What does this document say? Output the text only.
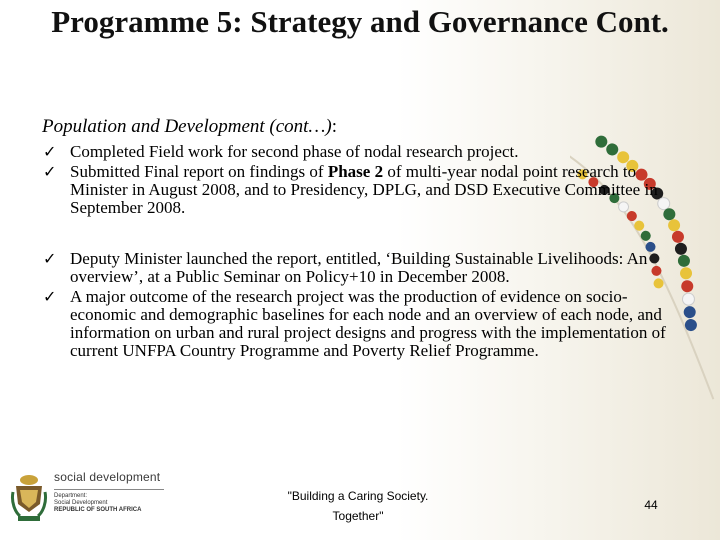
Programme 5: Strategy and Governance Cont.
Population and Development (cont…):
✓ Completed Field work for second phase of nodal research project.
✓ Submitted Final report on findings of Phase 2 of multi-year nodal point research to Minister in August 2008, and to Presidency, DPLG, and DSD Executive Committee in September 2008.
✓ Deputy Minister launched the report, entitled, ‘Building Sustainable Livelihoods: An overview’, at a Public Seminar on Policy+10 in December 2008.
✓ A major outcome of the research project was the production of evidence on socio-economic and demographic baselines for each node and an overview of each node, and information on urban and rural project designs and progress with the implementation of current UNFPA Country Programme and Poverty Relief Programme.
social development
Department:
Social Development
REPUBLIC OF SOUTH AFRICA
"Building a Caring Society.
Together"
44
